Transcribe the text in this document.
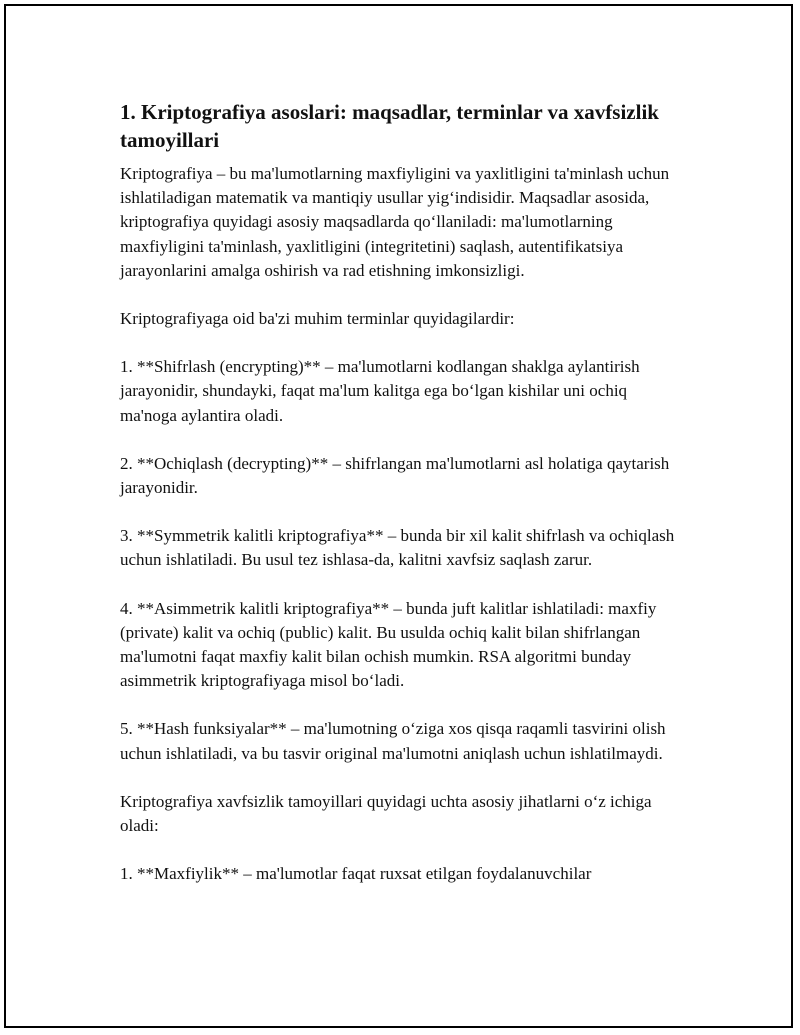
1. Kriptografiya asoslari: maqsadlar, terminlar va xavfsizlik tamoyillari

Kriptografiya – bu ma'lumotlarning maxfiyligini va yaxlitligini ta'minlash uchun ishlatiladigan matematik va mantiqiy usullar yig‘indisidir. Maqsadlar asosida, kriptografiya quyidagi asosiy maqsadlarda qo‘llaniladi: ma'lumotlarning maxfiyligini ta'minlash, yaxlitligini (integritetini) saqlash, autentifikatsiya jarayonlarini amalga oshirish va rad etishning imkonsizligi.

Kriptografiyaga oid ba'zi muhim terminlar quyidagilardir:

1. **Shifrlash (encrypting)** – ma'lumotlarni kodlangan shaklga aylantirish jarayonidir, shundayki, faqat ma'lum kalitga ega bo‘lgan kishilar uni ochiq ma'noga aylantira oladi.

2. **Ochiqlash (decrypting)** – shifrlangan ma'lumotlarni asl holatiga qaytarish jarayonidir.

3. **Symmetrik kalitli kriptografiya** – bunda bir xil kalit shifrlash va ochiqlash uchun ishlatiladi. Bu usul tez ishlasa-da, kalitni xavfsiz saqlash zarur.

4. **Asimmetrik kalitli kriptografiya** – bunda juft kalitlar ishlatiladi: maxfiy (private) kalit va ochiq (public) kalit. Bu usulda ochiq kalit bilan shifrlangan ma'lumotni faqat maxfiy kalit bilan ochish mumkin. RSA algoritmi bunday asimmetrik kriptografiyaga misol bo‘ladi.

5. **Hash funksiyalar** – ma'lumotning o‘ziga xos qisqa raqamli tasvirini olish uchun ishlatiladi, va bu tasvir original ma'lumotni aniqlash uchun ishlatilmaydi.

Kriptografiya xavfsizlik tamoyillari quyidagi uchta asosiy jihatlarni o‘z ichiga oladi:

1. **Maxfiylik** – ma'lumotlar faqat ruxsat etilgan foydalanuvchilar
